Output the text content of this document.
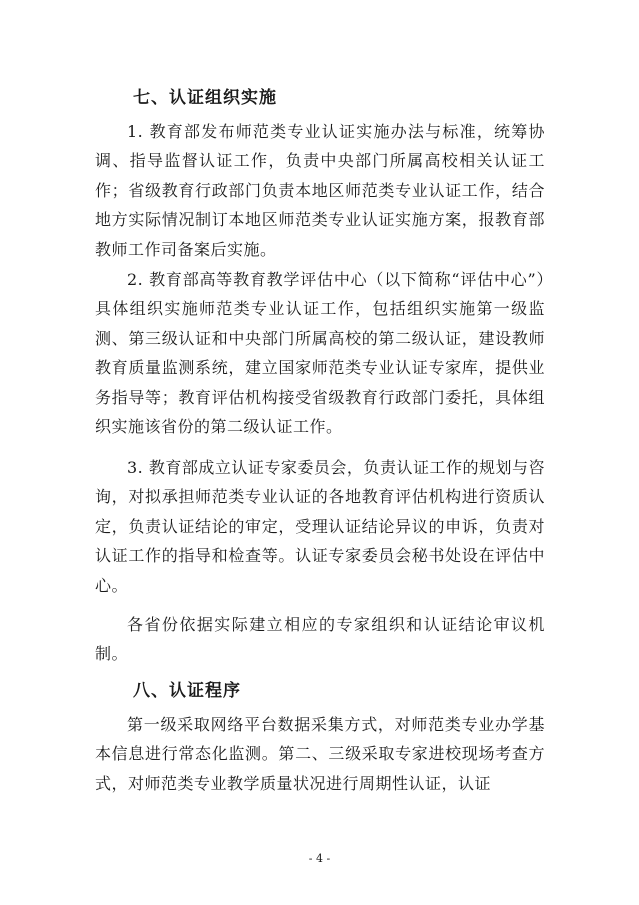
七、认证组织实施

1. 教育部发布师范类专业认证实施办法与标准，统筹协调、指导监督认证工作，负责中央部门所属高校相关认证工作；省级教育行政部门负责本地区师范类专业认证工作，结合地方实际情况制订本地区师范类专业认证实施方案，报教育部教师工作司备案后实施。

2. 教育部高等教育教学评估中心（以下简称“评估中心”）具体组织实施师范类专业认证工作，包括组织实施第一级监测、第三级认证和中央部门所属高校的第二级认证，建设教师教育质量监测系统，建立国家师范类专业认证专家库，提供业务指导等；教育评估机构接受省级教育行政部门委托，具体组织实施该省份的第二级认证工作。

3. 教育部成立认证专家委员会，负责认证工作的规划与咨询，对拟承担师范类专业认证的各地教育评估机构进行资质认定，负责认证结论的审定，受理认证结论异议的申诉，负责对认证工作的指导和检查等。认证专家委员会秘书处设在评估中心。

各省份依据实际建立相应的专家组织和认证结论审议机制。

八、认证程序

第一级采取网络平台数据采集方式，对师范类专业办学基本信息进行常态化监测。第二、三级采取专家进校现场考查方式，对师范类专业教学质量状况进行周期性认证，认证

- 4 -
